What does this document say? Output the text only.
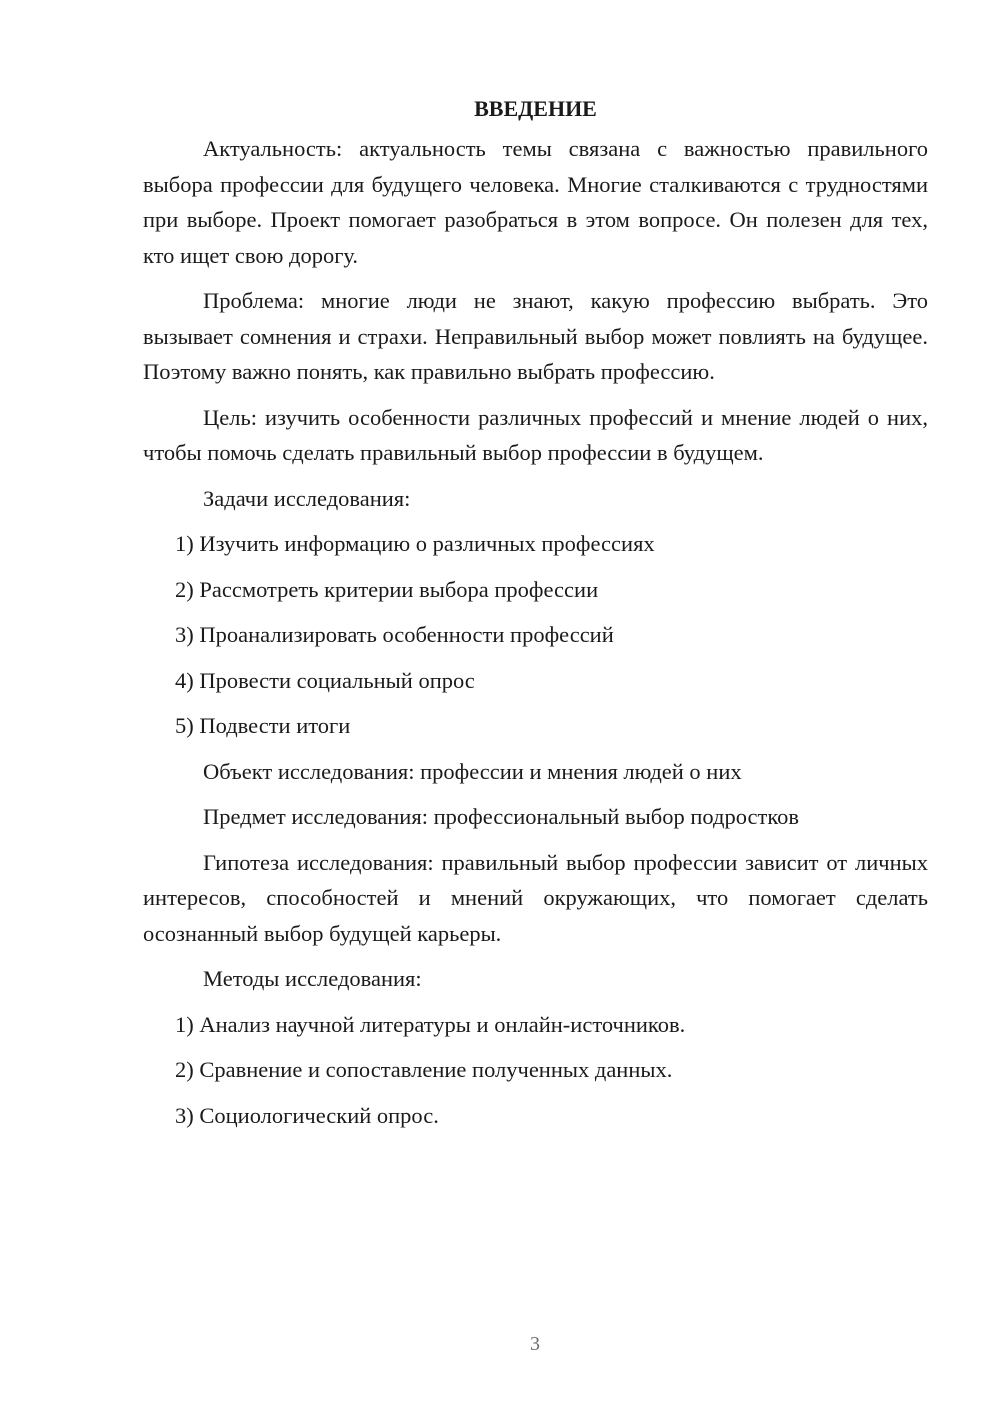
ВВЕДЕНИЕ

Актуальность: актуальность темы связана с важностью правильного выбора профессии для будущего человека. Многие сталкиваются с трудностями при выборе. Проект помогает разобраться в этом вопросе. Он полезен для тех, кто ищет свою дорогу.

Проблема: многие люди не знают, какую профессию выбрать. Это вызывает сомнения и страхи. Неправильный выбор может повлиять на будущее. Поэтому важно понять, как правильно выбрать профессию.

Цель: изучить особенности различных профессий и мнение людей о них, чтобы помочь сделать правильный выбор профессии в будущем.

Задачи исследования:
1) Изучить информацию о различных профессиях
2) Рассмотреть критерии выбора профессии
3) Проанализировать особенности профессий
4) Провести социальный опрос
5) Подвести итоги
Объект исследования: профессии и мнения людей о них
Предмет исследования: профессиональный выбор подростков

Гипотеза исследования: правильный выбор профессии зависит от личных интересов, способностей и мнений окружающих, что помогает сделать осознанный выбор будущей карьеры.

Методы исследования:
1) Анализ научной литературы и онлайн-источников.
2) Сравнение и сопоставление полученных данных.
3) Социологический опрос.
3
